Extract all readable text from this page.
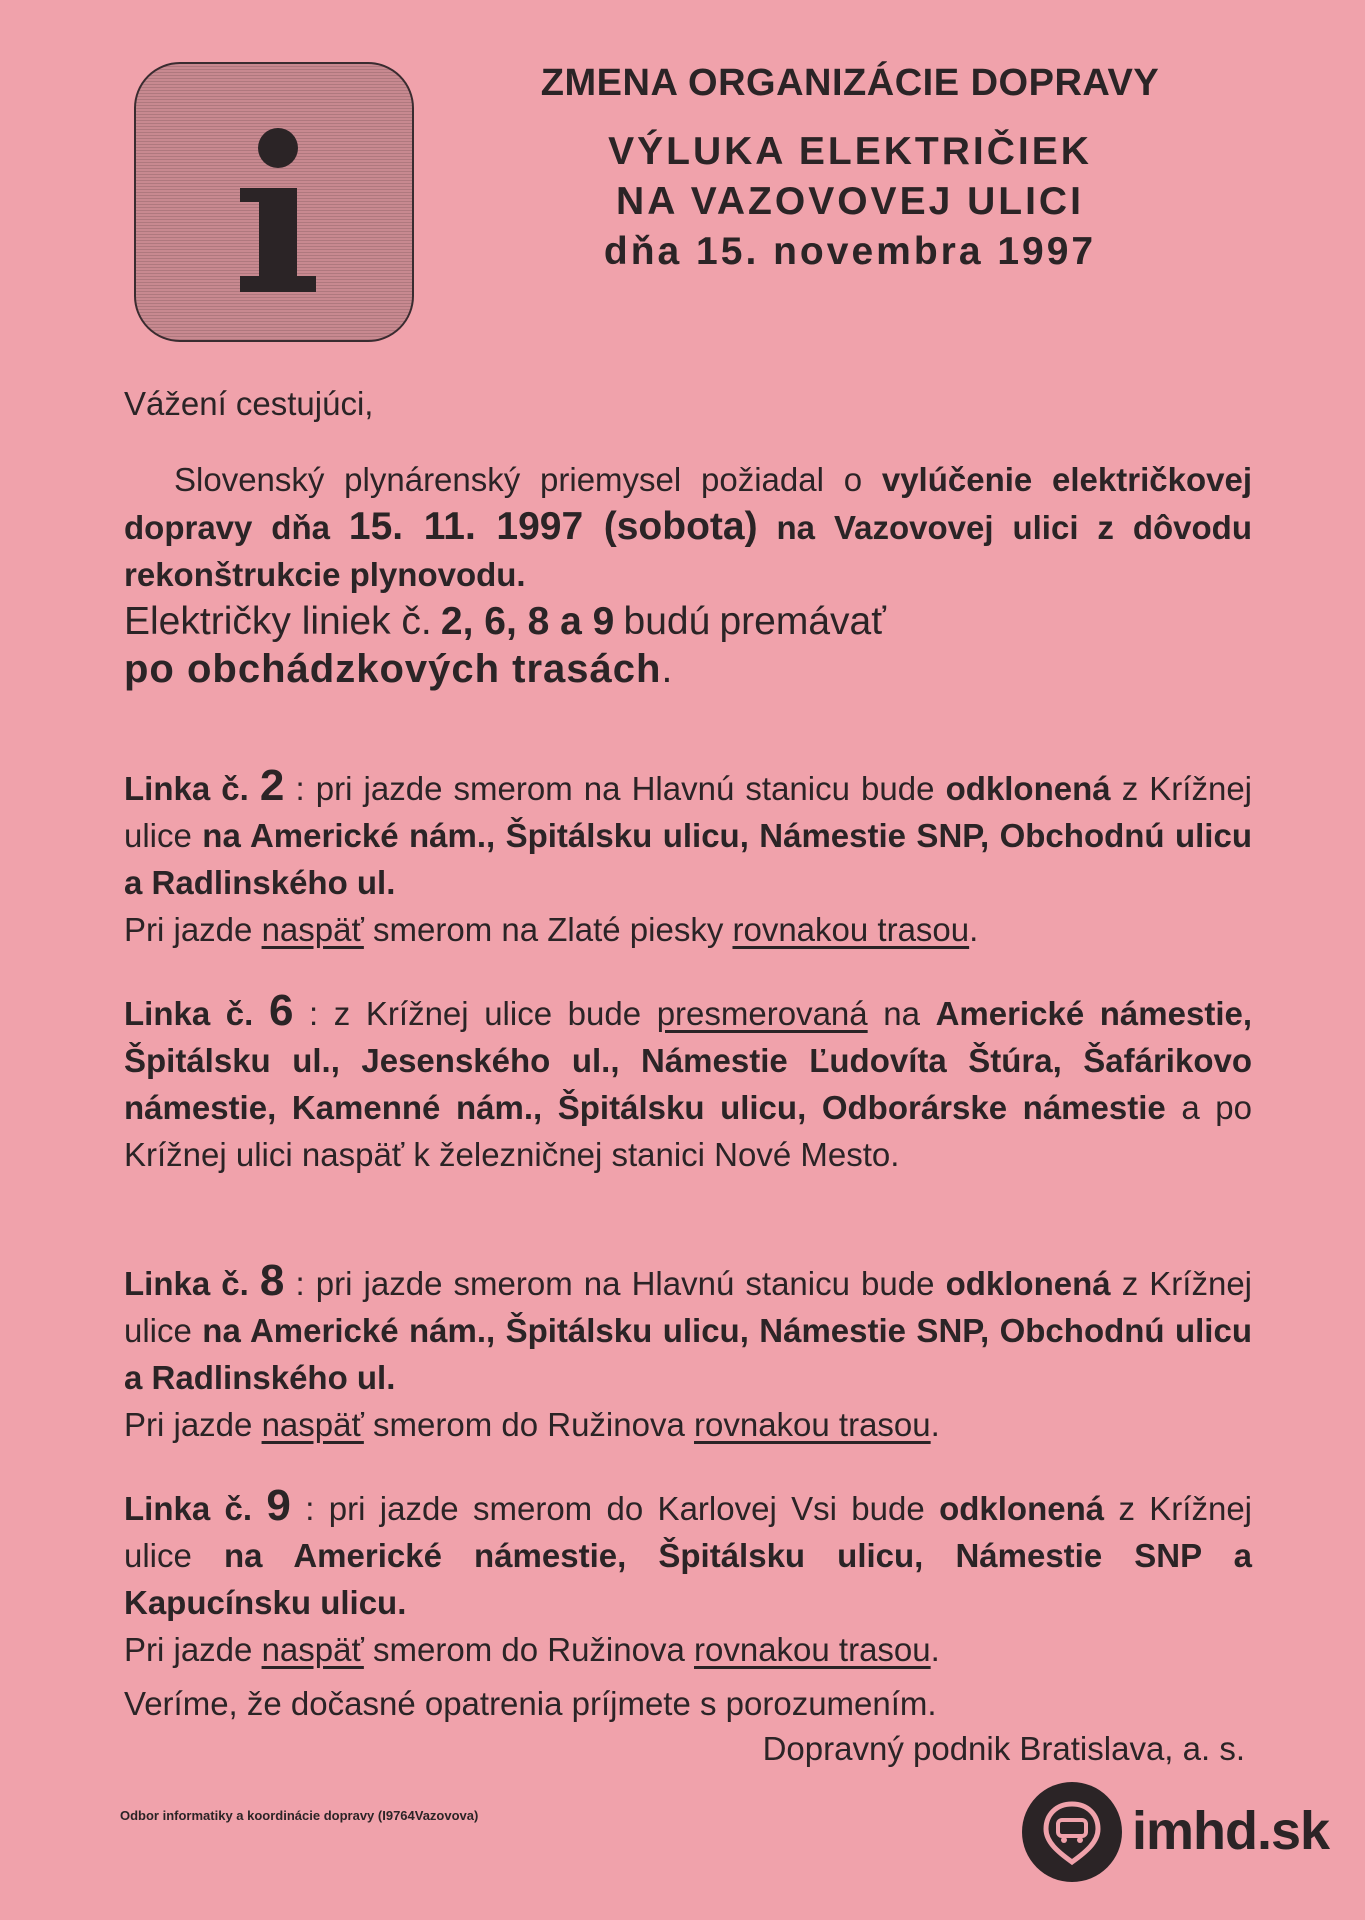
ZMENA ORGANIZÁCIE DOPRAVY
VÝLUKA ELEKTRIČIEK
NA VAZOVOVEJ ULICI
dňa 15. novembra 1997
Vážení cestujúci,
Slovenský plynárenský priemysel požiadal o vylúčenie električkovej dopravy dňa 15. 11. 1997 (sobota) na Vazovovej ulici z dôvodu rekonštrukcie plynovodu.
Električky liniek č. 2, 6, 8 a 9 budú premávať
po obchádzkových trasách.
Linka č. 2 : pri jazde smerom na Hlavnú stanicu bude odklonená z Krížnej ulice na Americké nám., Špitálsku ulicu, Námestie SNP, Obchodnú ulicu a Radlinského ul.
Pri jazde naspäť smerom na Zlaté piesky rovnakou trasou.
Linka č. 6 : z Krížnej ulice bude presmerovaná na Americké námestie, Špitálsku ul., Jesenského ul., Námestie Ľudovíta Štúra, Šafárikovo námestie, Kamenné nám., Špitálsku ulicu, Odborárske námestie a po Krížnej ulici naspäť k železničnej stanici Nové Mesto.
Linka č. 8 : pri jazde smerom na Hlavnú stanicu bude odklonená z Krížnej ulice na Americké nám., Špitálsku ulicu, Námestie SNP, Obchodnú ulicu a Radlinského ul.
Pri jazde naspäť smerom do Ružinova rovnakou trasou.
Linka č. 9 : pri jazde smerom do Karlovej Vsi bude odklonená z Krížnej ulice na Americké námestie, Špitálsku ulicu, Námestie SNP a Kapucínsku ulicu.
Pri jazde naspäť smerom do Ružinova rovnakou trasou.
Veríme, že dočasné opatrenia príjmete s porozumením.
Dopravný podnik Bratislava, a. s.
Odbor informatiky a koordinácie dopravy (I9764Vazovova)	imhd.sk
